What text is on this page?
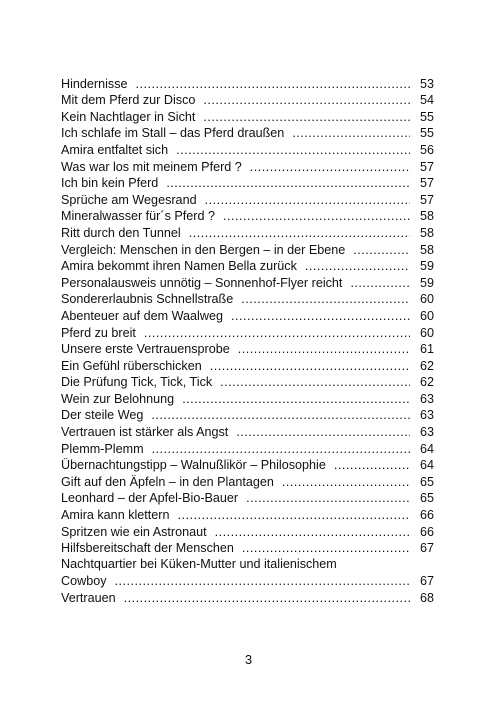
Hindernisse .....	53
Mit dem Pferd zur Disco .....	54
Kein Nachtlager in Sicht .....	55
Ich schlafe im Stall – das Pferd draußen .....	55
Amira entfaltet sich .....	56
Was war los mit meinem Pferd ? .....	57
Ich bin kein Pferd .....	57
Sprüche am Wegesrand .....	57
Mineralwasser für´s Pferd ? .....	58
Ritt durch den Tunnel .....	58
Vergleich: Menschen in den Bergen – in der Ebene .....	58
Amira bekommt ihren Namen Bella zurück .....	59
Personalausweis unnötig – Sonnenhof-Flyer reicht .....	59
Sondererlaubnis Schnellstraße .....	60
Abenteuer auf dem Waalweg .....	60
Pferd zu breit .....	60
Unsere erste Vertrauensprobe .....	61
Ein Gefühl rüberschicken .....	62
Die Prüfung Tick, Tick, Tick .....	62
Wein zur Belohnung .....	63
Der steile Weg .....	63
Vertrauen ist stärker als Angst .....	63
Plemm-Plemm .....	64
Übernachtungstipp – Walnußlikör – Philosophie .....	64
Gift auf den Äpfeln – in den Plantagen .....	65
Leonhard – der Apfel-Bio-Bauer .....	65
Amira kann klettern .....	66
Spritzen wie ein Astronaut .....	66
Hilfsbereitschaft der Menschen .....	67
Nachtquartier bei Küken-Mutter und italienischem
Cowboy .....	67
Vertrauen .....	68
3
